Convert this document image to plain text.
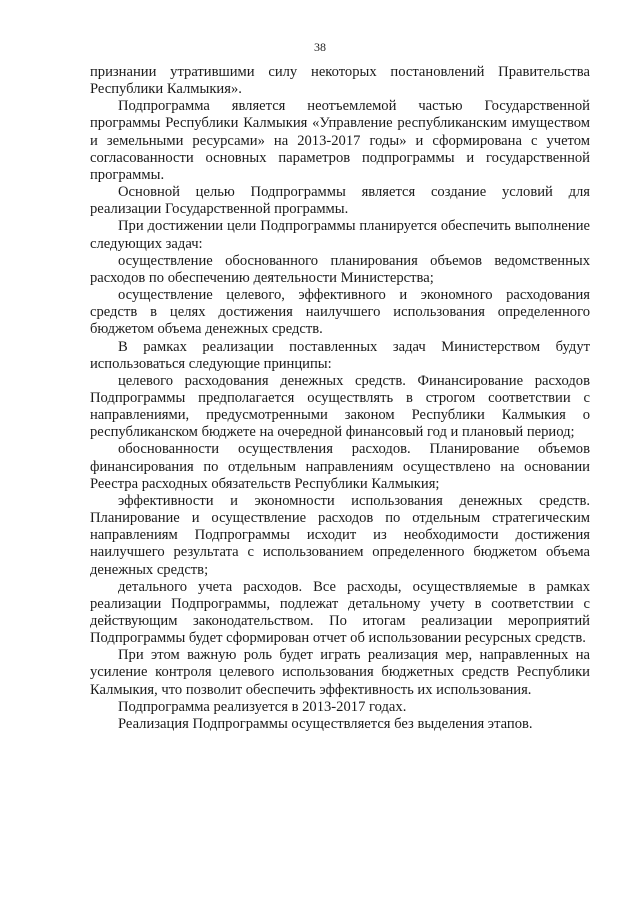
38

признании утратившими силу некоторых постановлений Правительства Республики Калмыкия».

Подпрограмма является неотъемлемой частью Государственной программы Республики Калмыкия «Управление республиканским имуществом и земельными ресурсами» на 2013-2017 годы» и сформирована с учетом согласованности основных параметров подпрограммы и государственной программы.

Основной целью Подпрограммы является создание условий для реализации Государственной программы.

При достижении цели Подпрограммы планируется обеспечить выполнение следующих задач:

осуществление обоснованного планирования объемов ведомственных расходов по обеспечению деятельности Министерства;

осуществление целевого, эффективного и экономного расходования средств в целях достижения наилучшего использования определенного бюджетом объема денежных средств.

В рамках реализации поставленных задач Министерством будут использоваться следующие принципы:

целевого расходования денежных средств. Финансирование расходов Подпрограммы предполагается осуществлять в строгом соответствии с направлениями, предусмотренными законом Республики Калмыкия о республиканском бюджете на очередной финансовый год и плановый период;

обоснованности осуществления расходов. Планирование объемов финансирования по отдельным направлениям осуществлено на основании Реестра расходных обязательств Республики Калмыкия;

эффективности и экономности использования денежных средств. Планирование и осуществление расходов по отдельным стратегическим направлениям Подпрограммы исходит из необходимости достижения наилучшего результата с использованием определенного бюджетом объема денежных средств;

детального учета расходов. Все расходы, осуществляемые в рамках реализации Подпрограммы, подлежат детальному учету в соответствии с действующим законодательством. По итогам реализации мероприятий Подпрограммы будет сформирован отчет об использовании ресурсных средств.

При этом важную роль будет играть реализация мер, направленных на усиление контроля целевого использования бюджетных средств Республики Калмыкия, что позволит обеспечить эффективность их использования.

Подпрограмма реализуется в 2013-2017 годах.

Реализация Подпрограммы осуществляется без выделения этапов.
